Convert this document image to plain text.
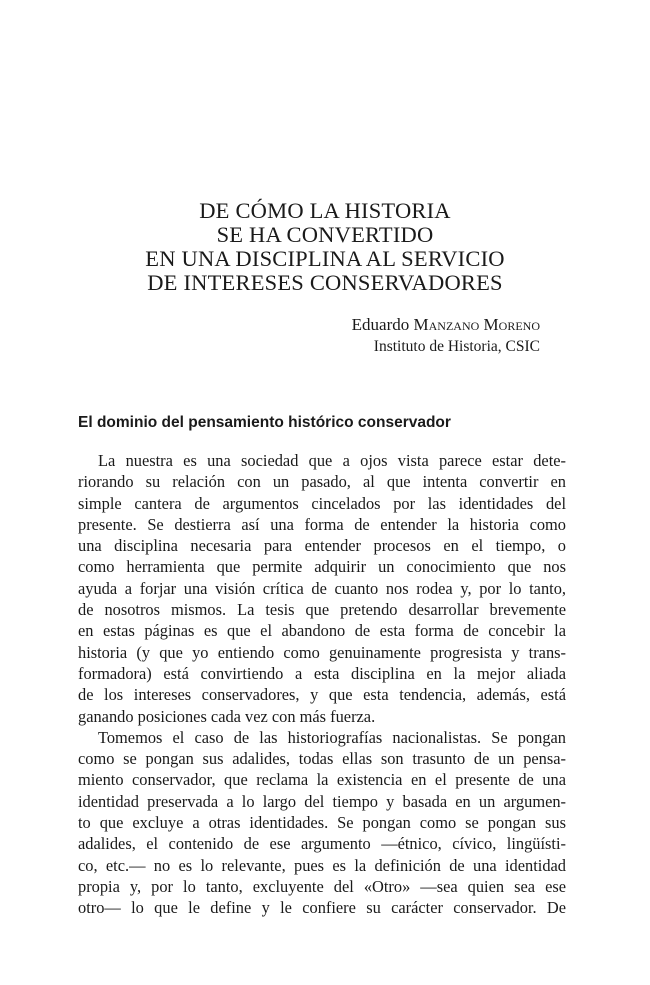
DE CÓMO LA HISTORIA
SE HA CONVERTIDO
EN UNA DISCIPLINA AL SERVICIO
DE INTERESES CONSERVADORES
Eduardo Manzano Moreno
Instituto de Historia, CSIC
El dominio del pensamiento histórico conservador
La nuestra es una sociedad que a ojos vista parece estar dete-
riorando su relación con un pasado, al que intenta convertir en
simple cantera de argumentos cincelados por las identidades del
presente. Se destierra así una forma de entender la historia como
una disciplina necesaria para entender procesos en el tiempo, o
como herramienta que permite adquirir un conocimiento que nos
ayuda a forjar una visión crítica de cuanto nos rodea y, por lo tanto,
de nosotros mismos. La tesis que pretendo desarrollar brevemente
en estas páginas es que el abandono de esta forma de concebir la
historia (y que yo entiendo como genuinamente progresista y trans-
formadora) está convirtiendo a esta disciplina en la mejor aliada
de los intereses conservadores, y que esta tendencia, además, está
ganando posiciones cada vez con más fuerza.
Tomemos el caso de las historiografías nacionalistas. Se pongan
como se pongan sus adalides, todas ellas son trasunto de un pensa-
miento conservador, que reclama la existencia en el presente de una
identidad preservada a lo largo del tiempo y basada en un argumen-
to que excluye a otras identidades. Se pongan como se pongan sus
adalides, el contenido de ese argumento —étnico, cívico, lingüísti-
co, etc.— no es lo relevante, pues es la definición de una identidad
propia y, por lo tanto, excluyente del «Otro» —sea quien sea ese
otro— lo que le define y le confiere su carácter conservador. De
